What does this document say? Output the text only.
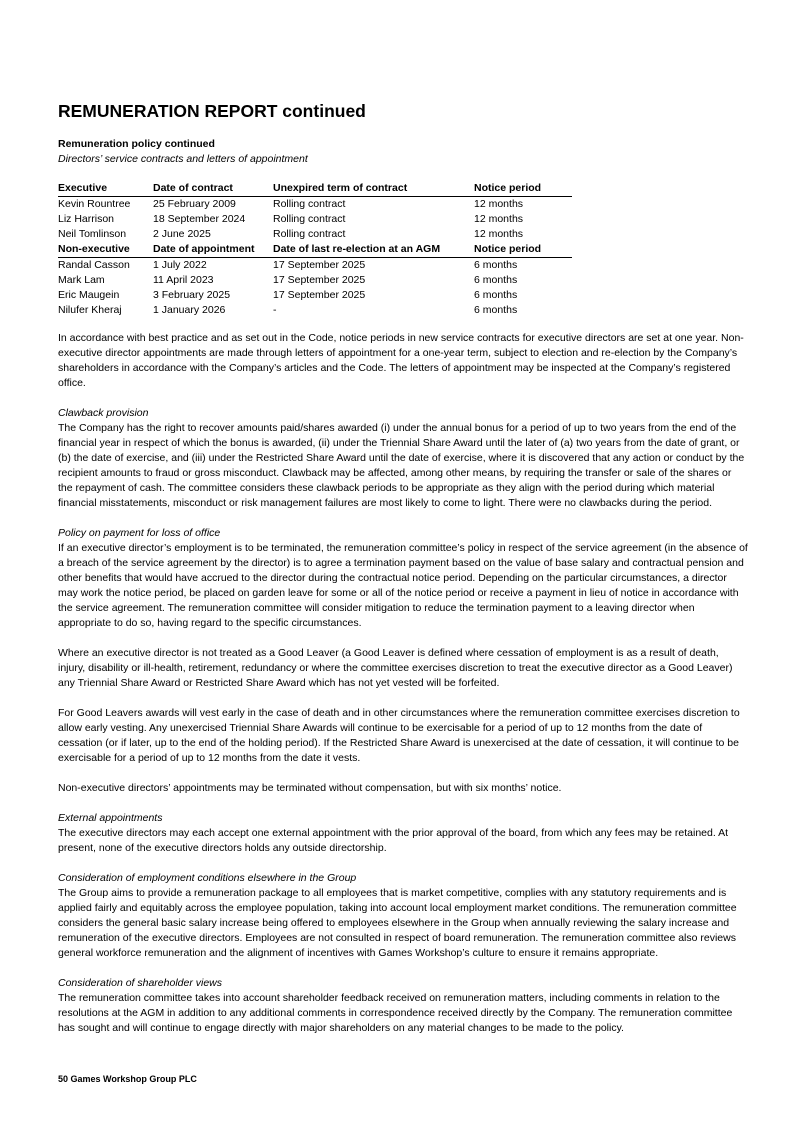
REMUNERATION REPORT continued

Remuneration policy continued

Directors’ service contracts and letters of appointment

Executive	Date of contract	Unexpired term of contract	Notice period
Kevin Rountree	25 February 2009	Rolling contract	12 months
Liz Harrison	18 September 2024	Rolling contract	12 months
Neil Tomlinson	2 June 2025	Rolling contract	12 months
Non-executive	Date of appointment	Date of last re-election at an AGM	Notice period
Randal Casson	1 July 2022	17 September 2025	6 months
Mark Lam	11 April 2023	17 September 2025	6 months
Eric Maugein	3 February 2025	17 September 2025	6 months
Nilufer Kheraj	1 January 2026	-	6 months

In accordance with best practice and as set out in the Code, notice periods in new service contracts for executive directors are set at one year. Non-executive director appointments are made through letters of appointment for a one-year term, subject to election and re-election by the Company’s shareholders in accordance with the Company’s articles and the Code. The letters of appointment may be inspected at the Company’s registered office.

Clawback provision

The Company has the right to recover amounts paid/shares awarded (i) under the annual bonus for a period of up to two years from the end of the financial year in respect of which the bonus is awarded, (ii) under the Triennial Share Award until the later of (a) two years from the date of grant, or (b) the date of exercise, and (iii) under the Restricted Share Award until the date of exercise, where it is discovered that any action or conduct by the recipient amounts to fraud or gross misconduct. Clawback may be affected, among other means, by requiring the transfer or sale of the shares or the repayment of cash. The committee considers these clawback periods to be appropriate as they align with the period during which material financial misstatements, misconduct or risk management failures are most likely to come to light. There were no clawbacks during the period.

Policy on payment for loss of office

If an executive director’s employment is to be terminated, the remuneration committee’s policy in respect of the service agreement (in the absence of a breach of the service agreement by the director) is to agree a termination payment based on the value of base salary and contractual pension and other benefits that would have accrued to the director during the contractual notice period. Depending on the particular circumstances, a director may work the notice period, be placed on garden leave for some or all of the notice period or receive a payment in lieu of notice in accordance with the service agreement. The remuneration committee will consider mitigation to reduce the termination payment to a leaving director when appropriate to do so, having regard to the specific circumstances.

Where an executive director is not treated as a Good Leaver (a Good Leaver is defined where cessation of employment is as a result of death, injury, disability or ill-health, retirement, redundancy or where the committee exercises discretion to treat the executive director as a Good Leaver) any Triennial Share Award or Restricted Share Award which has not yet vested will be forfeited.

For Good Leavers awards will vest early in the case of death and in other circumstances where the remuneration committee exercises discretion to allow early vesting. Any unexercised Triennial Share Awards will continue to be exercisable for a period of up to 12 months from the date of cessation (or if later, up to the end of the holding period). If the Restricted Share Award is unexercised at the date of cessation, it will continue to be exercisable for a period of up to 12 months from the date it vests.

Non-executive directors’ appointments may be terminated without compensation, but with six months’ notice.

External appointments

The executive directors may each accept one external appointment with the prior approval of the board, from which any fees may be retained. At present, none of the executive directors holds any outside directorship.

Consideration of employment conditions elsewhere in the Group

The Group aims to provide a remuneration package to all employees that is market competitive, complies with any statutory requirements and is applied fairly and equitably across the employee population, taking into account local employment market conditions. The remuneration committee considers the general basic salary increase being offered to employees elsewhere in the Group when annually reviewing the salary increase and remuneration of the executive directors. Employees are not consulted in respect of board remuneration. The remuneration committee also reviews general workforce remuneration and the alignment of incentives with Games Workshop’s culture to ensure it remains appropriate.

Consideration of shareholder views

The remuneration committee takes into account shareholder feedback received on remuneration matters, including comments in relation to the resolutions at the AGM in addition to any additional comments in correspondence received directly by the Company. The remuneration committee has sought and will continue to engage directly with major shareholders on any material changes to be made to the policy.

50 Games Workshop Group PLC
